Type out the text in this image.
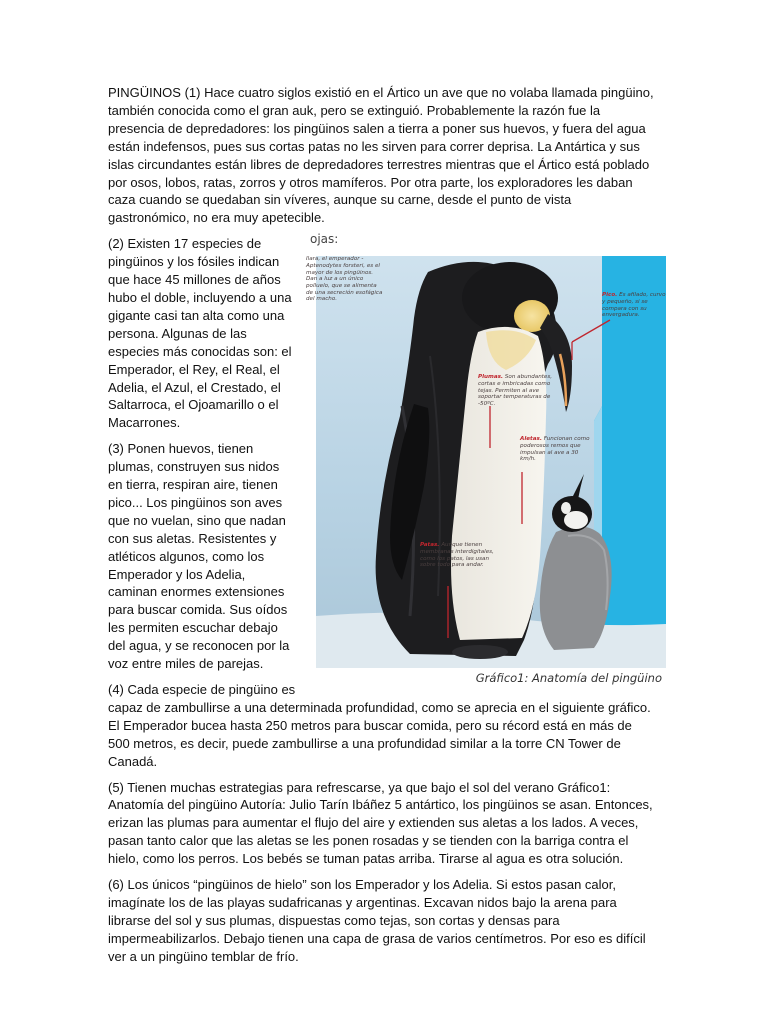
PINGÜINOS (1) Hace cuatro siglos existió en el Ártico un ave que no volaba llamada pingüino, también conocida como el gran auk, pero se extinguió. Probablemente la razón fue la presencia de depredadores: los pingüinos salen a tierra a poner sus huevos, y fuera del agua están indefensos, pues sus cortas patas no les sirven para correr deprisa. La Antártica y sus islas circundantes están libres de depredadores terrestres mientras que el Ártico está poblado por osos, lobos, ratas, zorros y otros mamíferos. Por otra parte, los exploradores les daban caza cuando se quedaban sin víveres, aunque su carne, desde el punto de vista gastronómico, no era muy apetecible.

ojas:
Ilara, el emperador -Aptenodytes forsteri, es el mayor de los pingüinos. Dan a luz a un único polluelo, que se alimenta de una secreción esofágica del macho.
Pico. Es afilado, curvo y pequeño, si se compara con su envergadura.
Plumas. Son abundantes, cortas e imbricadas como tejas. Permiten al ave soportar temperaturas de -50ºC.
Aletas. Funcionan como poderosos remos que impulsan al ave a 30 km/h.
Patas. Aunque tienen membranas interdigitales, como los patos, las usan sobre todo para andar.
Gráfico1: Anatomía del pingüino

(2) Existen 17 especies de pingüinos y los fósiles indican que hace 45 millones de años hubo el doble, incluyendo a una gigante casi tan alta como una persona. Algunas de las especies más conocidas son: el Emperador, el Rey, el Real, el Adelia, el Azul, el Crestado, el Saltarroca, el Ojoamarillo o el Macarrones.

(3) Ponen huevos, tienen plumas, construyen sus nidos en tierra, respiran aire, tienen pico... Los pingüinos son aves que no vuelan, sino que nadan con sus aletas. Resistentes y atléticos algunos, como los Emperador y los Adelia, caminan enormes extensiones para buscar comida. Sus oídos les permiten escuchar debajo del agua, y se reconocen por la voz entre miles de parejas.

(4) Cada especie de pingüino es capaz de zambullirse a una determinada profundidad, como se aprecia en el siguiente gráfico. El Emperador bucea hasta 250 metros para buscar comida, pero su récord está en más de 500 metros, es decir, puede zambullirse a una profundidad similar a la torre CN Tower de Canadá.

(5) Tienen muchas estrategias para refrescarse, ya que bajo el sol del verano Gráfico1: Anatomía del pingüino Autoría: Julio Tarín Ibáñez 5 antártico, los pingüinos se asan. Entonces, erizan las plumas para aumentar el flujo del aire y extienden sus aletas a los lados. A veces, pasan tanto calor que las aletas se les ponen rosadas y se tienden con la barriga contra el hielo, como los perros. Los bebés se tuman patas arriba. Tirarse al agua es otra solución.

(6) Los únicos “pingüinos de hielo” son los Emperador y los Adelia. Si estos pasan calor, imagínate los de las playas sudafricanas y argentinas. Excavan nidos bajo la arena para librarse del sol y sus plumas, dispuestas como tejas, son cortas y densas para impermeabilizarlos. Debajo tienen una capa de grasa de varios centímetros. Por eso es difícil ver a un pingüino temblar de frío.
